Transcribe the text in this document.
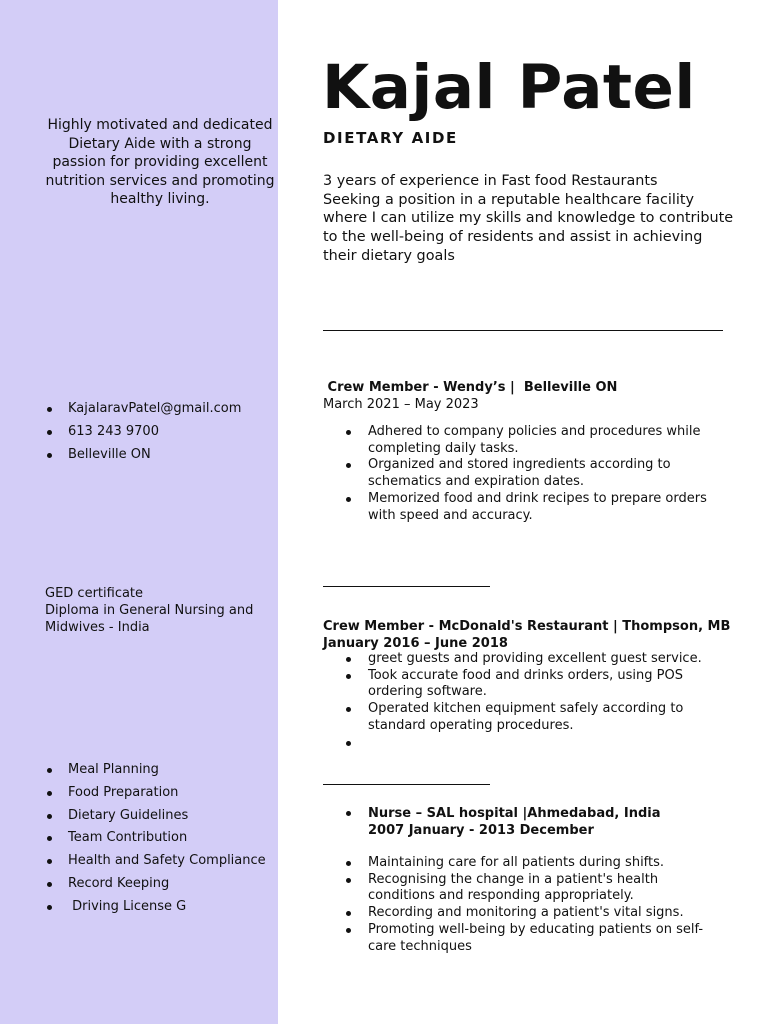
Highly motivated and dedicated Dietary Aide with a strong passion for providing excellent nutrition services and promoting healthy living.
KajalaravPatel@gmail.com
613 243 9700
Belleville ON
GED certificate
Diploma in General Nursing and
Midwives - India
Meal Planning
Food Preparation
Dietary Guidelines
Team Contribution
Health and Safety Compliance
Record Keeping
Driving License G
Kajal Patel
DIETARY AIDE
3 years of experience in Fast food Restaurants
Seeking a position in a reputable healthcare facility
where I can utilize my skills and knowledge to contribute
to the well-being of residents and assist in achieving
their dietary goals
Crew Member - Wendy’s |  Belleville ON
March 2021 – May 2023
Adhered to company policies and procedures while completing daily tasks.
Organized and stored ingredients according to schematics and expiration dates.
Memorized food and drink recipes to prepare orders with speed and accuracy.
Crew Member - McDonald's Restaurant | Thompson, MB
January 2016 – June 2018
greet guests and providing excellent guest service.
Took accurate food and drinks orders, using POS ordering software.
Operated kitchen equipment safely according to standard operating procedures.
Nurse – SAL hospital |Ahmedabad, India
2007 January - 2013 December
Maintaining care for all patients during shifts.
Recognising the change in a patient's health conditions and responding appropriately.
Recording and monitoring a patient's vital signs.
Promoting well-being by educating patients on self-care techniques
